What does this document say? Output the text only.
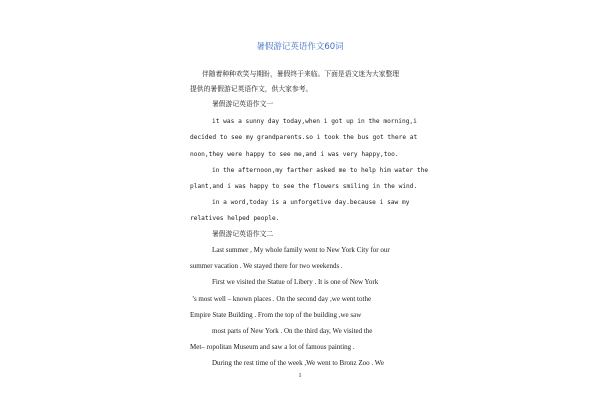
暑假游记英语作文60词
伴随着种种欢笑与期盼，暑假终于来临。下面是语文迷为大家整理
提供的暑假游记英语作文，供大家参考。
暑假游记英语作文一
it was a sunny day today,when i got up in the morning,i
decided to see my grandparents.so i took the bus got there at
noon,they were happy to see me,and i was very happy,too.
in the afternoon,my farther asked me to help him water the
plant,and i was happy to see the flowers smiling in the wind.
in a word,today is a unforgetive day.because i saw my
relatives helped people.
暑假游记英语作文二
Last summer , My whole family went to New York City for our
summer vacation . We stayed there for two weekends .
First we visited the Statue of Libery . It is one of New York
’s most well – known places . On the second day ,we went tothe
Empire State Building . From the top of the building ,we saw
most parts of New York . On the third day, We visited the
Met– ropolitan Museum and saw a lot of famous painting .
During the rest time of the week ,We went to Bronz Zoo . We
1
